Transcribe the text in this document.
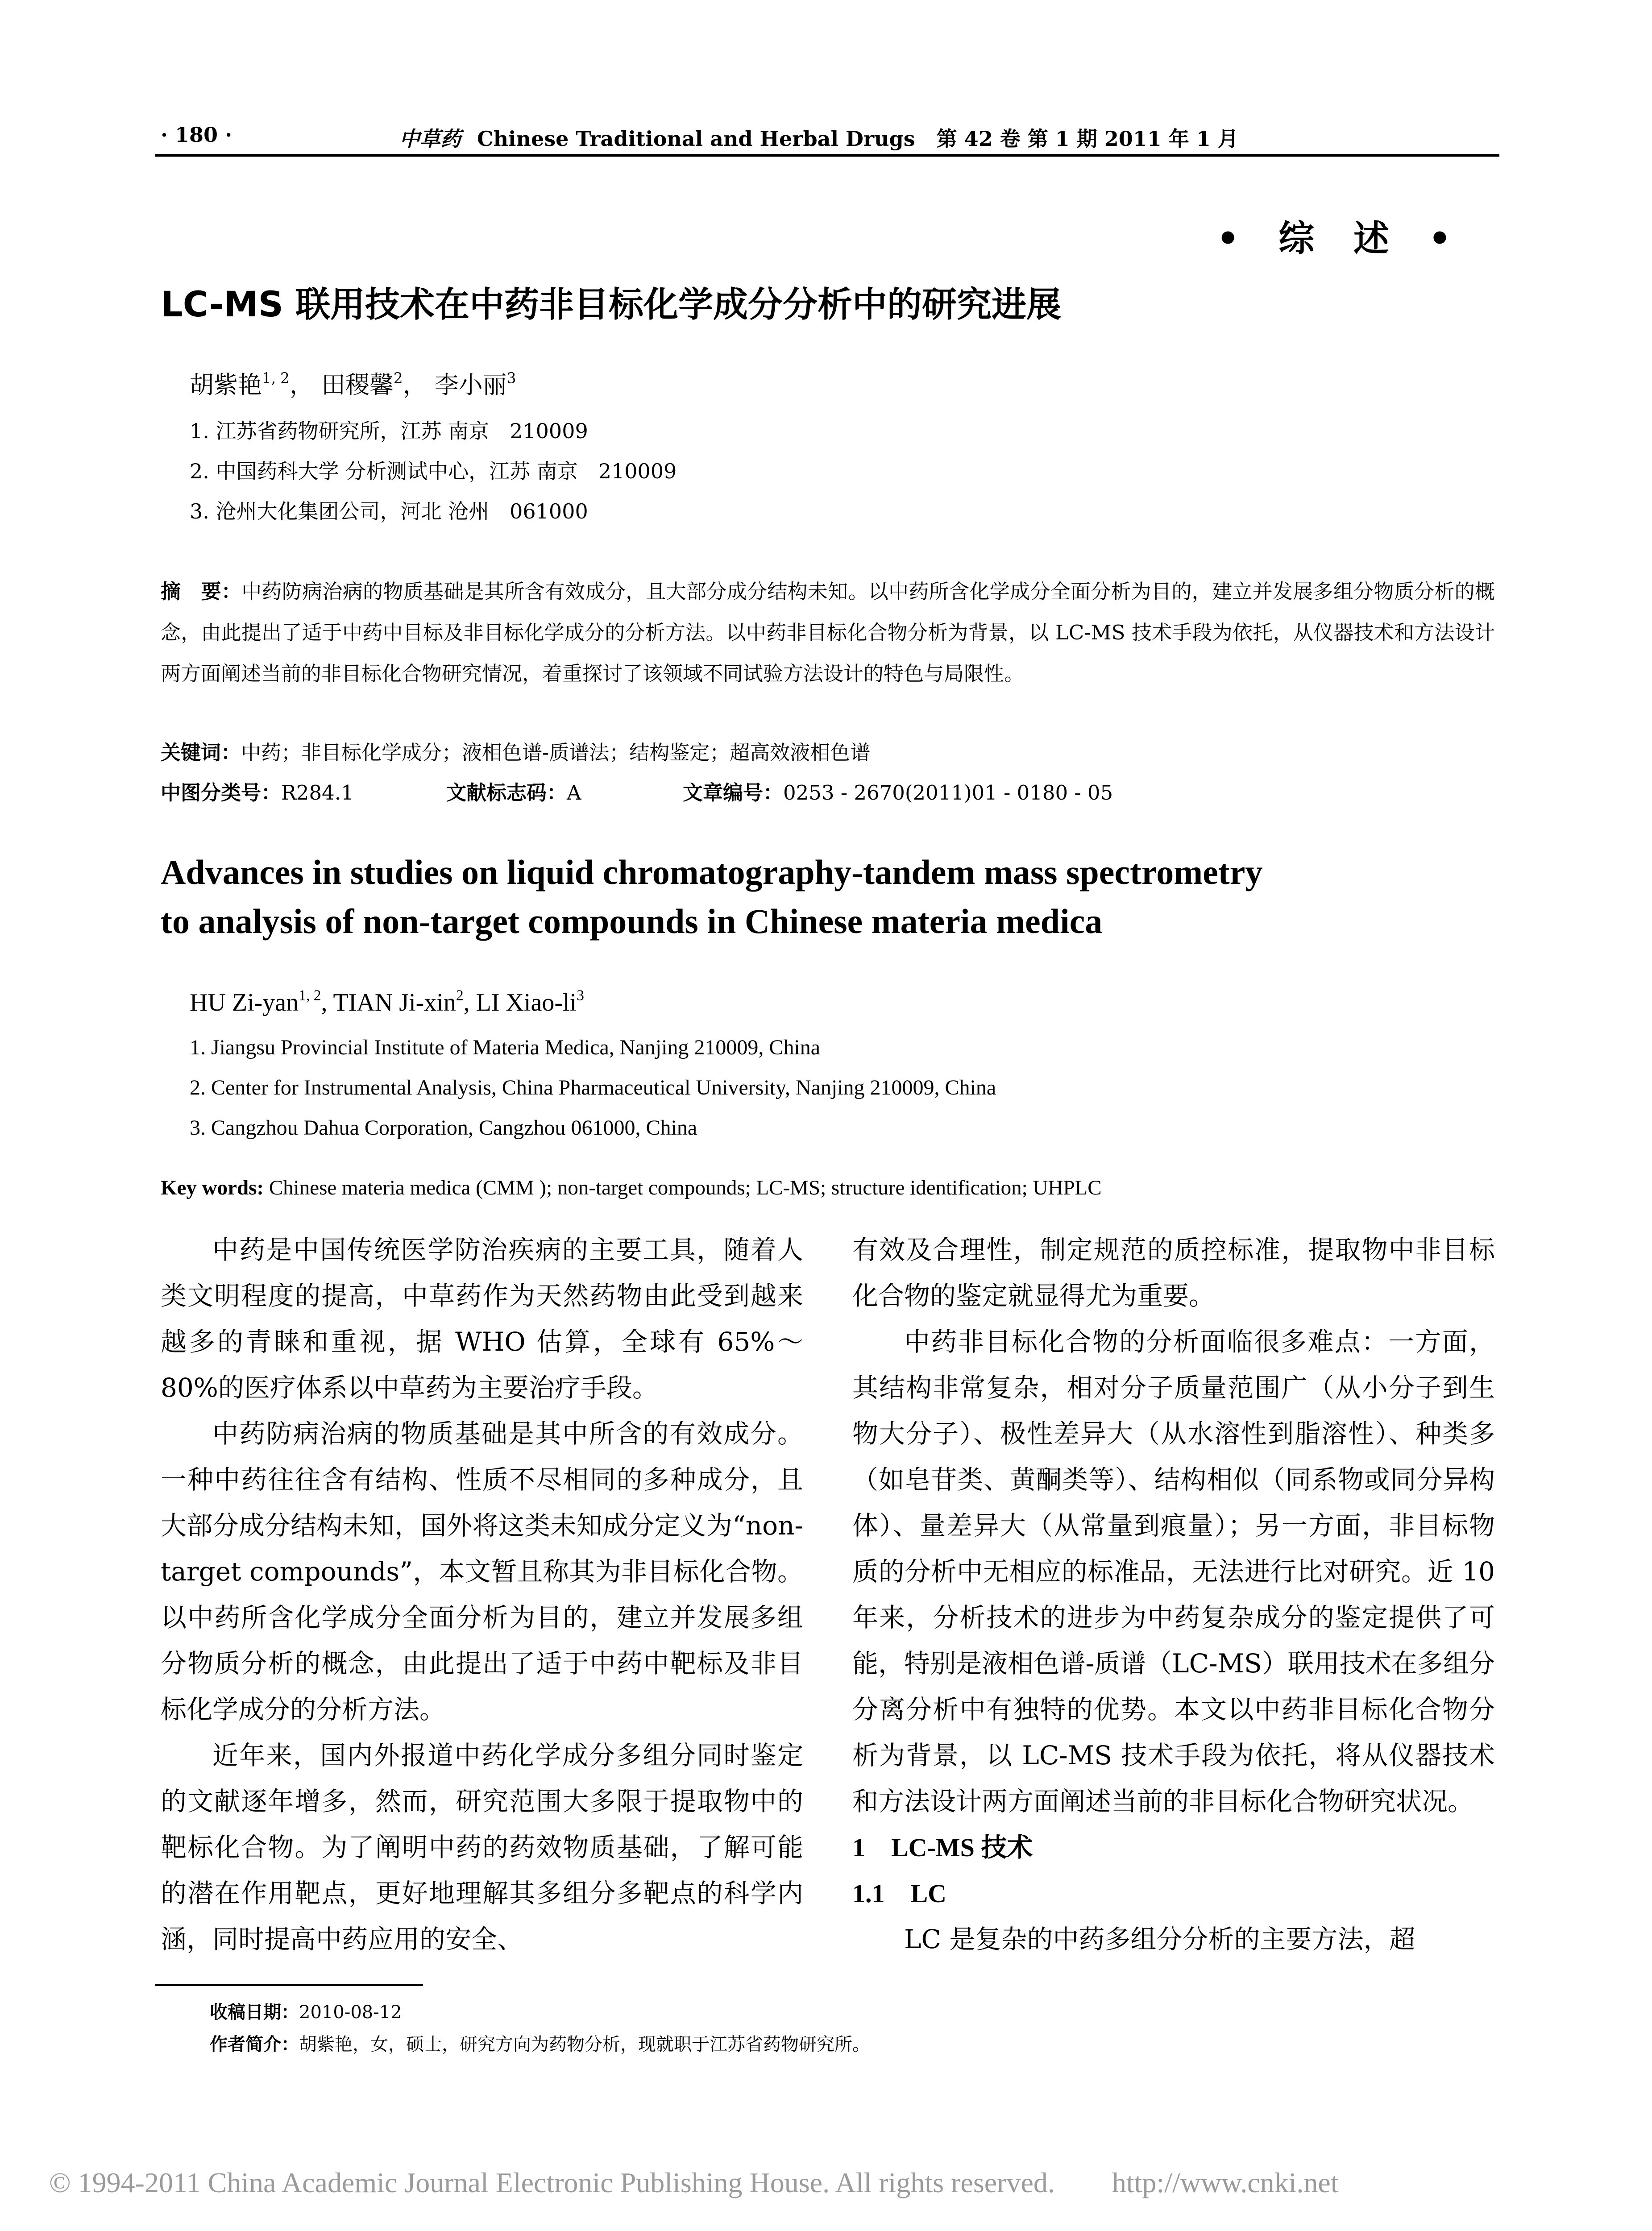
· 180 ·	中草药 Chinese Traditional and Herbal Drugs 第 42 卷 第 1 期 2011 年 1 月
• 综 述 •
LC-MS 联用技术在中药非目标化学成分分析中的研究进展
胡紫艳$^{1, 2}$， 田稷馨$^2$， 李小丽$^3$
1. 江苏省药物研究所，江苏 南京　210009
2. 中国药科大学 分析测试中心，江苏 南京　210009
3. 沧州大化集团公司，河北 沧州　061000
摘　要：中药防病治病的物质基础是其所含有效成分，且大部分成分结构未知。以中药所含化学成分全面分析为目的，建立并发展多组分物质分析的概念，由此提出了适于中药中目标及非目标化学成分的分析方法。以中药非目标化合物分析为背景，以 LC-MS 技术手段为依托，从仪器技术和方法设计两方面阐述当前的非目标化合物研究情况，着重探讨了该领域不同试验方法设计的特色与局限性。
关键词：中药；非目标化学成分；液相色谱-质谱法；结构鉴定；超高效液相色谱
中图分类号：R284.1	文献标志码：A	文章编号：0253 - 2670(2011)01 - 0180 - 05
Advances in studies on liquid chromatography-tandem mass spectrometry
to analysis of non-target compounds in Chinese materia medica
HU Zi-yan$^{1, 2}$, TIAN Ji-xin$^2$, LI Xiao-$li^3$
1. Jiangsu Provincial Institute of Materia Medica, Nanjing 210009, China
2. Center for Instrumental Analysis, China Pharmaceutical University, Nanjing 210009, China
3. Cangzhou Dahua Corporation, Cangzhou 061000, China
Key words: Chinese materia medica (CMM ); non-target compounds; LC-MS; structure identification; UHPLC

中药是中国传统医学防治疾病的主要工具，随着人类文明程度的提高，中草药作为天然药物由此受到越来越多的青睐和重视，据 WHO 估算，全球有 65%～80%的医疗体系以中草药为主要治疗手段。

中药防病治病的物质基础是其中所含的有效成分。一种中药往往含有结构、性质不尽相同的多种成分，且大部分成分结构未知，国外将这类未知成分定义为“non-target compounds”，本文暂且称其为非目标化合物。以中药所含化学成分全面分析为目的，建立并发展多组分物质分析的概念，由此提出了适于中药中靶标及非目标化学成分的分析方法。

近年来，国内外报道中药化学成分多组分同时鉴定的文献逐年增多，然而，研究范围大多限于提取物中的靶标化合物。为了阐明中药的药效物质基础，了解可能的潜在作用靶点，更好地理解其多组分多靶点的科学内涵，同时提高中药应用的安全、

有效及合理性，制定规范的质控标准，提取物中非目标化合物的鉴定就显得尤为重要。

中药非目标化合物的分析面临很多难点：一方面，其结构非常复杂，相对分子质量范围广（从小分子到生物大分子）、极性差异大（从水溶性到脂溶性）、种类多（如皂苷类、黄酮类等）、结构相似（同系物或同分异构体）、量差异大（从常量到痕量）；另一方面，非目标物质的分析中无相应的标准品，无法进行比对研究。近 10 年来，分析技术的进步为中药复杂成分的鉴定提供了可能，特别是液相色谱-质谱（LC-MS）联用技术在多组分分离分析中有独特的优势。本文以中药非目标化合物分析为背景，以 LC-MS 技术手段为依托，将从仪器技术和方法设计两方面阐述当前的非目标化合物研究状况。

1　LC-MS 技术
1.1　LC

LC 是复杂的中药多组分分析的主要方法，超

收稿日期：2010-08-12
作者简介：胡紫艳，女，硕士，研究方向为药物分析，现就职于江苏省药物研究所。
© 1994-2011 China Academic Journal Electronic Publishing House. All rights reserved.　　http://www.cnki.net
